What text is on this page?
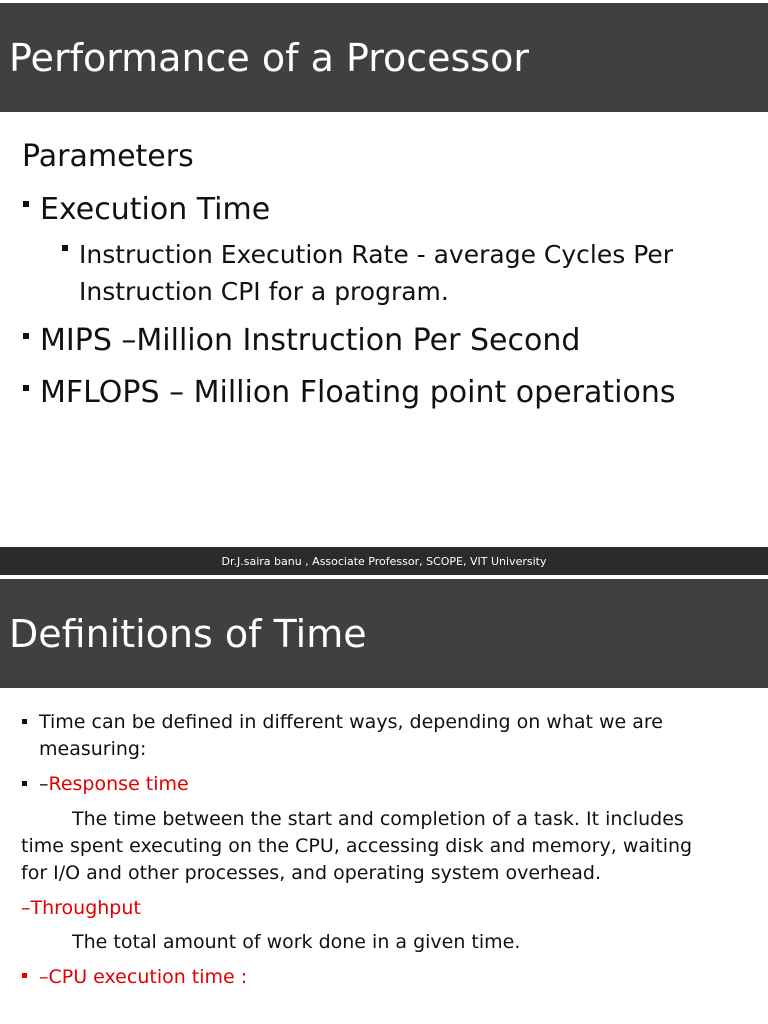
Performance of a Processor
Parameters
Execution Time
Instruction Execution Rate - average Cycles Per
Instruction CPI for a program.
MIPS –Million Instruction Per Second
MFLOPS – Million Floating point operations
Dr.J.saira banu , Associate Professor, SCOPE, VIT University
Definitions of Time
Time can be defined in different ways, depending on what we are
measuring:
–Response time
The time between the start and completion of a task. It includes
time spent executing on the CPU, accessing disk and memory, waiting
for I/O and other processes, and operating system overhead.
–Throughput
The total amount of work done in a given time.
–CPU execution time :
